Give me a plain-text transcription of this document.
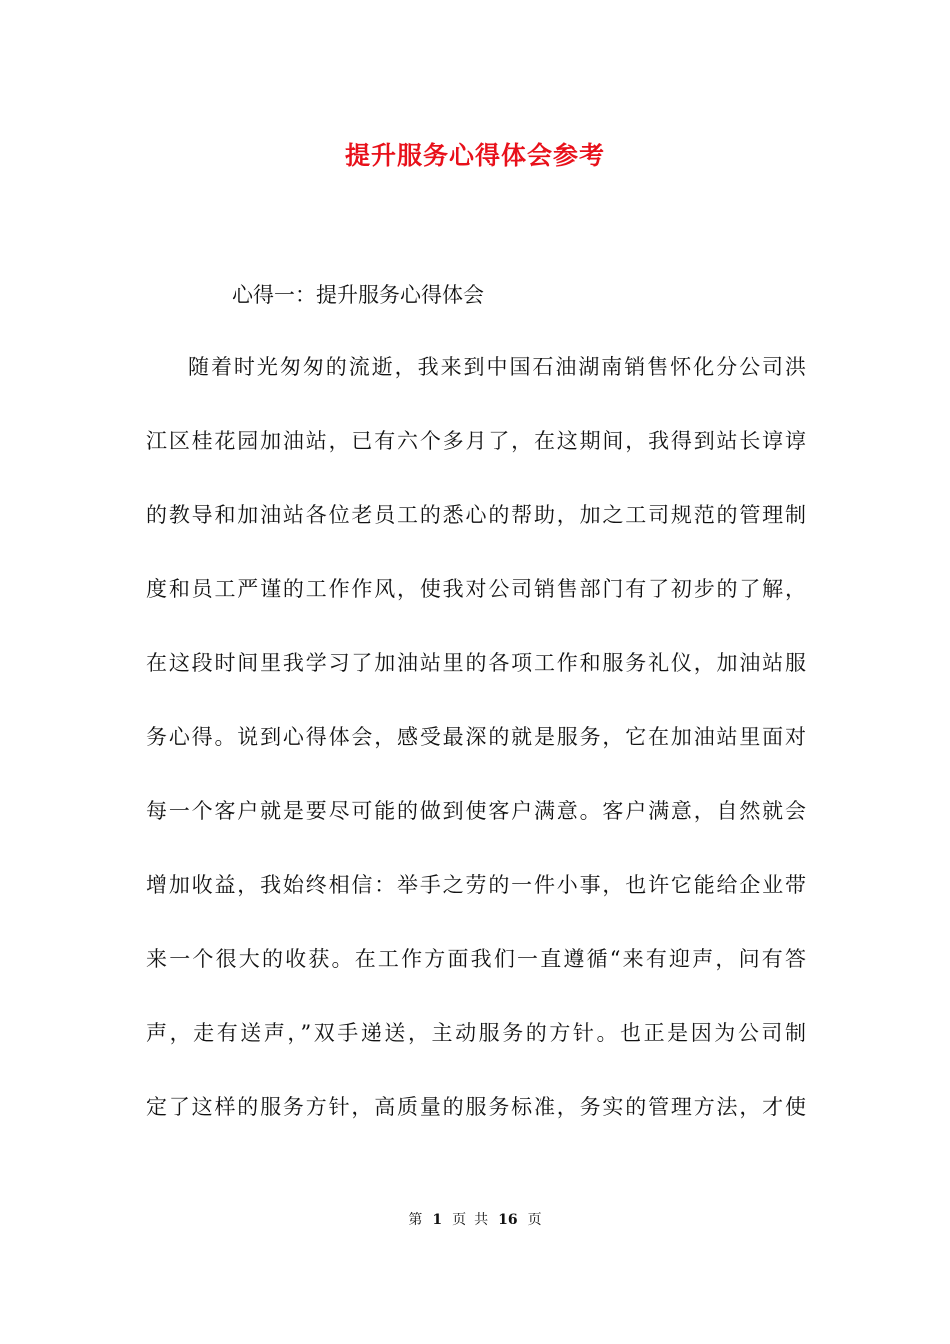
提升服务心得体会参考
心得一：提升服务心得体会
随着时光匆匆的流逝，我来到中国石油湖南销售怀化分公司洪
江区桂花园加油站，已有六个多月了，在这期间，我得到站长谆谆
的教导和加油站各位老员工的悉心的帮助，加之工司规范的管理制
度和员工严谨的工作作风，使我对公司销售部门有了初步的了解，
在这段时间里我学习了加油站里的各项工作和服务礼仪，加油站服
务心得。说到心得体会，感受最深的就是服务，它在加油站里面对
每一个客户就是要尽可能的做到使客户满意。客户满意，自然就会
增加收益，我始终相信：举手之劳的一件小事，也许它能给企业带
来一个很大的收获。在工作方面我们一直遵循“来有迎声，问有答
声，走有送声，”双手递送，主动服务的方针。也正是因为公司制
定了这样的服务方针，高质量的服务标准，务实的管理方法，才使
第 1 页 共 16 页
